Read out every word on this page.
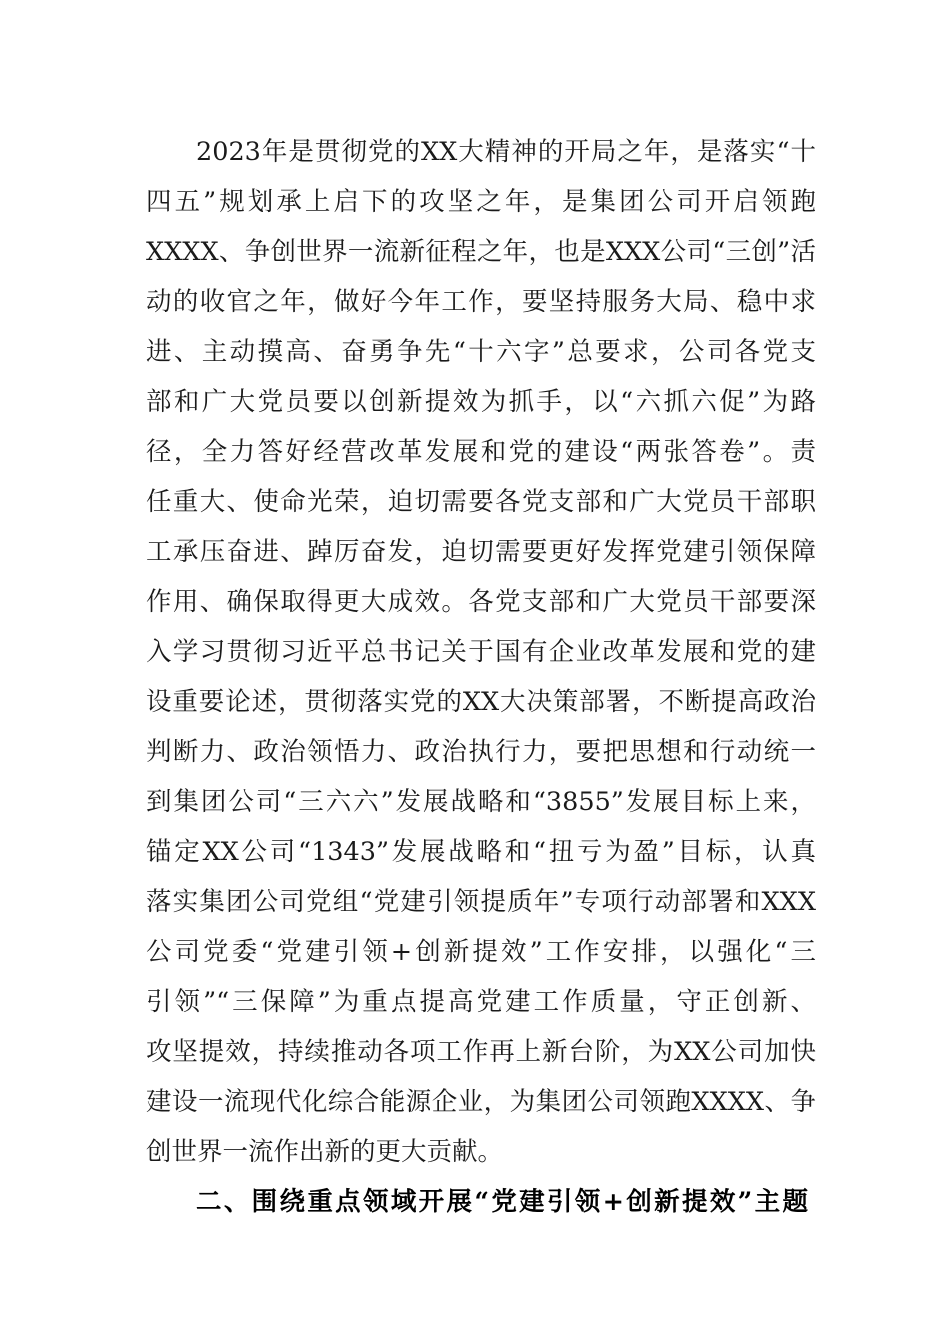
2023年是贯彻党的XX大精神的开局之年，是落实“十
四五”规划承上启下的攻坚之年，是集团公司开启领跑
XXXX、争创世界一流新征程之年，也是XXX公司“三创”活
动的收官之年，做好今年工作，要坚持服务大局、稳中求
进、主动摸高、奋勇争先“十六字”总要求，公司各党支
部和广大党员要以创新提效为抓手，以“六抓六促”为路
径，全力答好经营改革发展和党的建设“两张答卷”。责
任重大、使命光荣，迫切需要各党支部和广大党员干部职
工承压奋进、踔厉奋发，迫切需要更好发挥党建引领保障
作用、确保取得更大成效。各党支部和广大党员干部要深
入学习贯彻习近平总书记关于国有企业改革发展和党的建
设重要论述，贯彻落实党的XX大决策部署，不断提高政治
判断力、政治领悟力、政治执行力，要把思想和行动统一
到集团公司“三六六”发展战略和“3855”发展目标上来，
锚定XX公司“1343”发展战略和“扭亏为盈”目标，认真
落实集团公司党组“党建引领提质年”专项行动部署和XXX
公司党委“党建引领+创新提效”工作安排，以强化“三
引领”“三保障”为重点提高党建工作质量，守正创新、
攻坚提效，持续推动各项工作再上新台阶，为XX公司加快
建设一流现代化综合能源企业，为集团公司领跑XXXX、争
创世界一流作出新的更大贡献。
二、围绕重点领域开展“党建引领+创新提效”主题
